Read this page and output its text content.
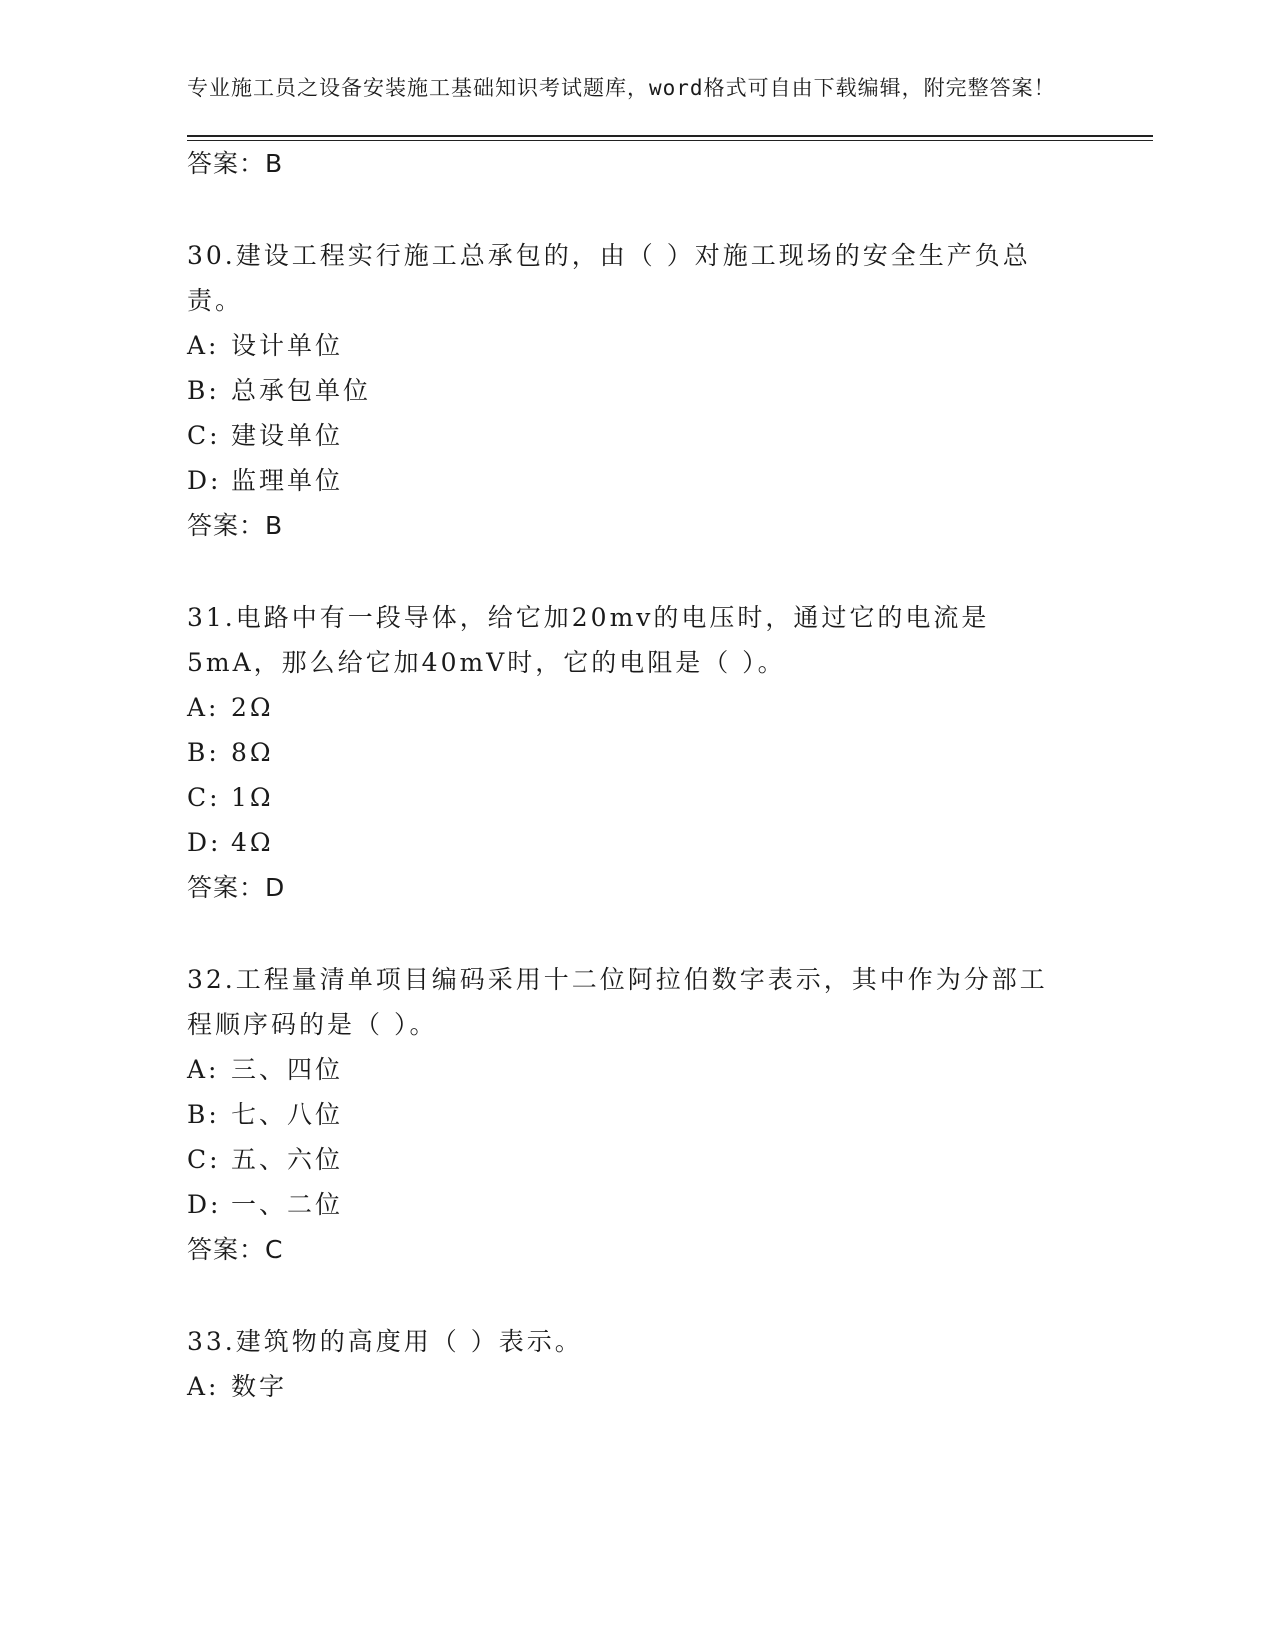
专业施工员之设备安装施工基础知识考试题库，word格式可自由下载编辑，附完整答案！

答案：B

30.建设工程实行施工总承包的，由（ ）对施工现场的安全生产负总责。

A: 设计单位

B: 总承包单位

C: 建设单位

D: 监理单位

答案：B

31.电路中有一段导体，给它加20mv的电压时，通过它的电流是5mA，那么给它加40mV时，它的电阻是（ ）。

A: 2Ω

B: 8Ω

C: 1Ω

D: 4Ω

答案：D

32.工程量清单项目编码采用十二位阿拉伯数字表示，其中作为分部工程顺序码的是（ ）。

A: 三、四位

B: 七、八位

C: 五、六位

D: 一、二位

答案：C

33.建筑物的高度用（ ）表示。

A: 数字
